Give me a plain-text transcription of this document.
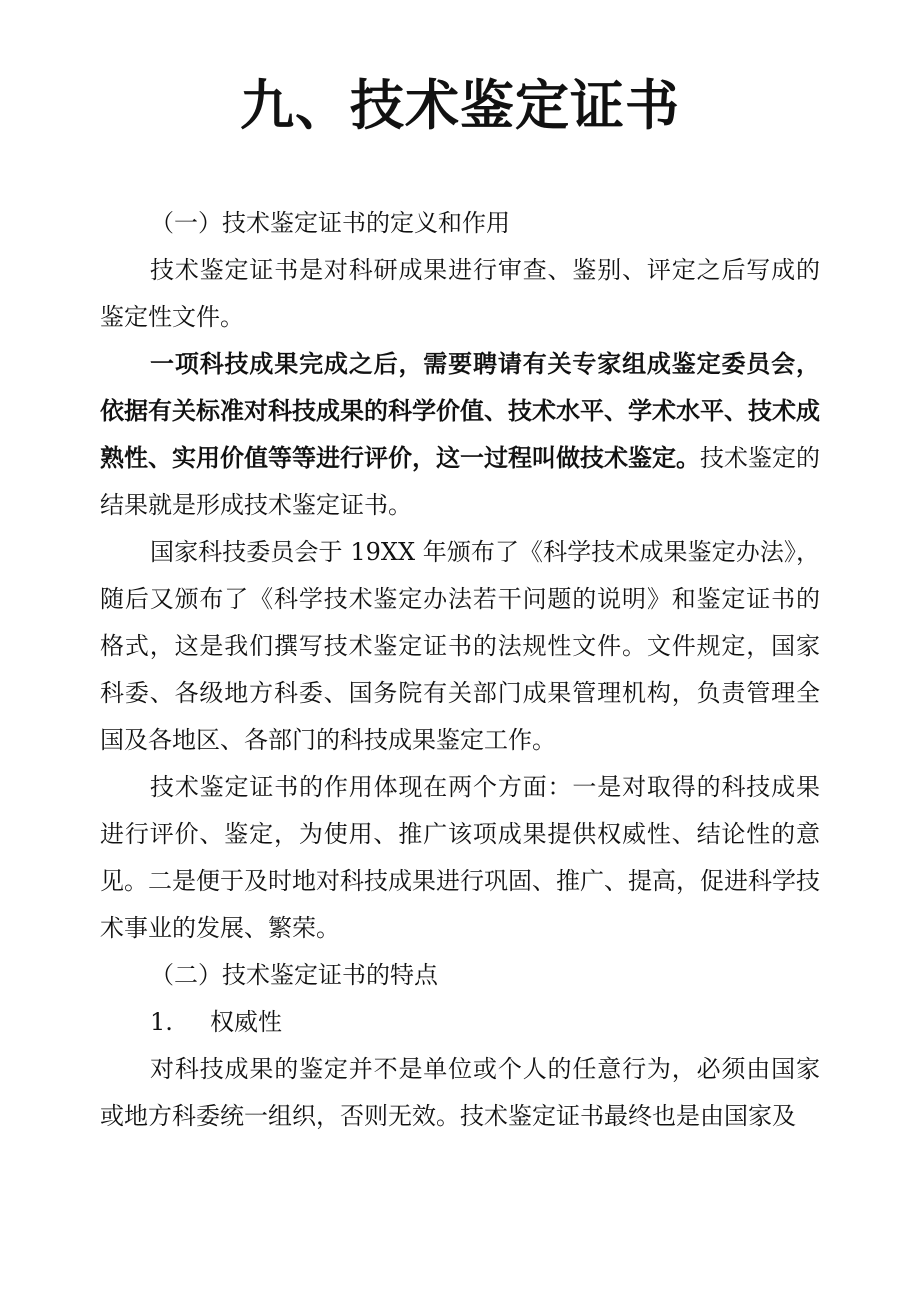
九、技术鉴定证书

（一）技术鉴定证书的定义和作用

技术鉴定证书是对科研成果进行审查、鉴别、评定之后写成的鉴定性文件。

一项科技成果完成之后，需要聘请有关专家组成鉴定委员会，依据有关标准对科技成果的科学价值、技术水平、学术水平、技术成熟性、实用价值等等进行评价，这一过程叫做技术鉴定。技术鉴定的结果就是形成技术鉴定证书。

国家科技委员会于 19XX 年颁布了《科学技术成果鉴定办法》， 随后又颁布了《科学技术鉴定办法若干问题的说明》和鉴定证书的 格式，这是我们撰写技术鉴定证书的法规性文件。文件规定，国家 科委、各级地方科委、国务院有关部门成果管理机构，负责管理全 国及各地区、各部门的科技成果鉴定工作。

技术鉴定证书的作用体现在两个方面：一是对取得的科技成果进行评价、鉴定，为使用、推广该项成果提供权威性、结论性的意见。二是便于及时地对科技成果进行巩固、推广、提高，促进科学技术事业的发展、繁荣。

（二）技术鉴定证书的特点

1. 权威性

对科技成果的鉴定并不是单位或个人的任意行为，必须由国家或地方科委统一组织，否则无效。技术鉴定证书最终也是由国家及
